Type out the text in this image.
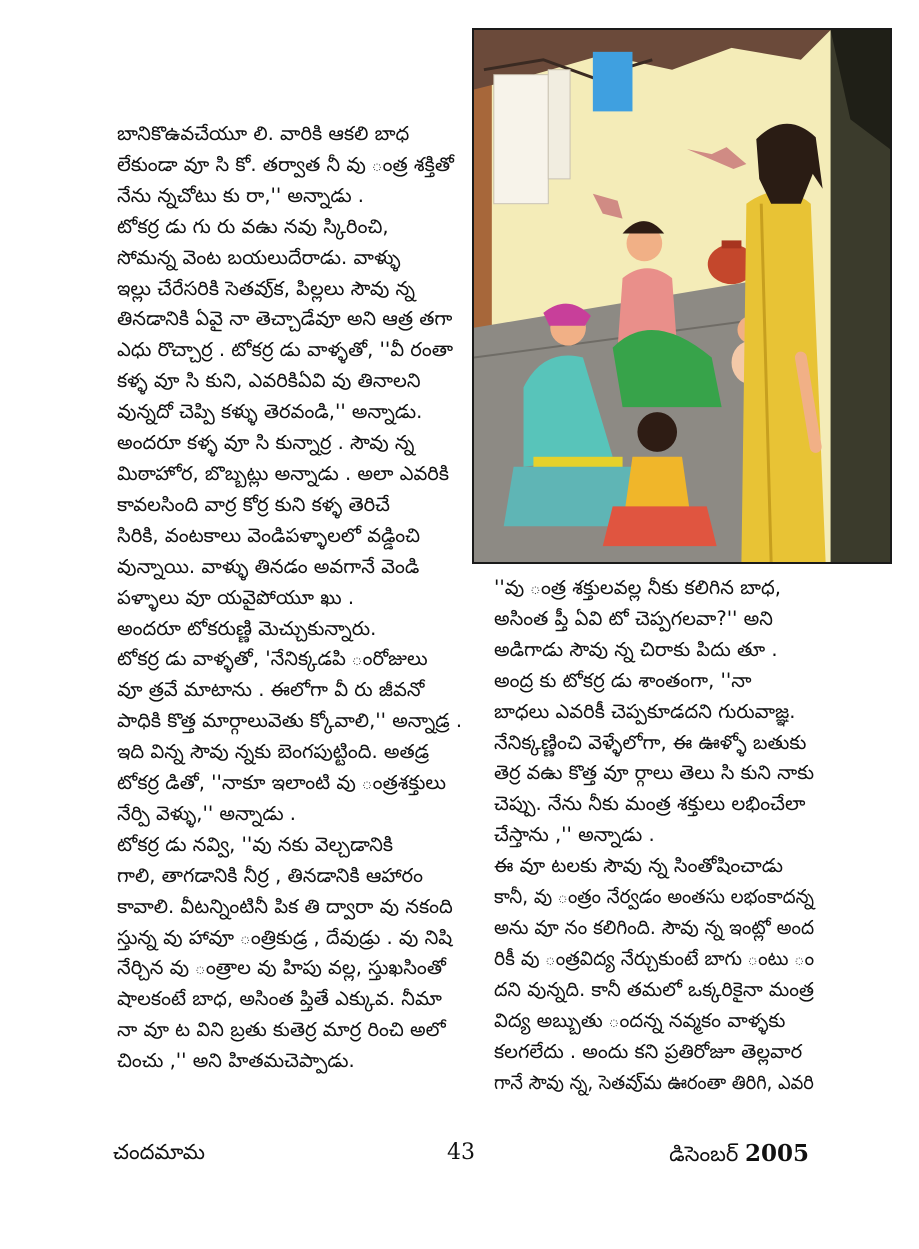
బానికొఉవచేయూ లి. వారికి ఆకలి బాధ

లేకుండా వూ సి కో. తర్వాత నీ వు ంత్ర శక్తితో

నేను న్నచోటు కు రా,'' అన్నాడు .

టోకర్ర డు గు రు వఉు నవు స్కిరించి,

సోమన్న వెంట బయలుదేరాడు. వాళ్ళు

ఇల్లు చేరేసరికి సెతవు్క, పిల్లలు సౌవు న్న

తినడానికి ఏవై నా తెచ్చాడేవూ అని ఆత్ర తగా

ఎధు రొచ్చార్ర . టోకర్ర డు వాళ్ళతో, ''వీ రంతా

కళ్ళ వూ సి కుని, ఎవరికిఏవి వు తినాలని

వున్నదో చెప్పి కళ్ళు తెరవండి,'' అన్నాడు.

అందరూ కళ్ళ వూ సి కున్నార్ర . సౌవు న్న

మిఠాహోర, బొబ్బట్లు అన్నాడు . అలా ఎవరికి

కావలసింది వార్ర కోర్ర కుని కళ్ళ తెరిచే

సిరికి, వంటకాలు వెండిపళ్ళాలలో వడ్డించి

వున్నాయి. వాళ్ళు తినడం అవగానే వెండి

పళ్ళాలు వూ యవైపోయూ ఖు .

అందరూ టోకరుణ్ణి మెచ్చుకున్నారు.

టోకర్ర డు వాళ్ళతో, 'నేనిక్కడపి ంరోజులు

వూ త్రవే మాటాను . ఈలోగా వీ రు జీవనో

పాధికి కొత్త మార్గాలువెతు క్కోవాలి,'' అన్నాడ్ర .

ఇది విన్న సౌవు న్నకు బెంగపుట్టింది. అతడ్ర

టోకర్ర డితో, ''నాకూ ఇలాంటి వు ంత్రశక్తులు

నేర్పి వెళ్ళు,'' అన్నాడు .

టోకర్ర డు నవ్వి, ''వు నకు వెల్చడానికి

గాలి, తాగడానికి నీర్ర , తినడానికి ఆహారం

కావాలి. వీటన్నింటినీ పిక తి ద్వారా వు నకంది

స్తున్న వు హావూ ంత్రికుడ్ర , దేవుడ్రు . వు నిషి

నేర్చిన వు ంత్రాల వు హిపు వల్ల, స్తుఖసింతో

షాలకంటే బాధ, అసింత ప్తితే ఎక్కువ. నీమా

నా వూ ట విని బ్రతు కుతెర్ర మార్ర రించి అలో

చించు ,'' అని హితమచెప్పాడు.

''వు ంత్ర శక్తులవల్ల నీకు కలిగిన బాధ,

అసింత ప్తీ ఏవి టో చెప్పగలవా?'' అని

అడిగాడు సౌవు న్న చిరాకు పిదు తూ .

అంద్ర కు టోకర్ర డు శాంతంగా, ''నా

బాధలు ఎవరికీ చెప్పకూడదని గురువాజ్ఞ.

నేనిక్కణ్ణించి వెళ్ళేలోగా, ఈ ఊళ్ళో బతుకు

తెర్ర వఉు కొత్త వూ ర్గాలు తెలు సి కుని నాకు

చెప్పు. నేను నీకు మంత్ర శక్తులు లభించేలా

చేస్తాను ,'' అన్నాడు .

ఈ వూ టలకు సౌవు న్న సింతోషించాడు

కానీ, వు ంత్రం నేర్వడం అంతసు లభంకాదన్న

అను వూ నం కలిగింది. సౌవు న్న ఇంట్లో అంద

రికీ వు ంత్రవిద్య నేర్చుకుంటే బాగు ంటు ం

దని వున్నది. కానీ తమలో ఒక్కరికైనా మంత్ర

విద్య అబ్బుతు ందన్న నవ్మకం వాళ్ళకు

కలగలేదు . అందు కని ప్రతిరోజూ తెల్లవార

గానే సౌవు న్న, సెతవు్మ ఊరంతా తిరిగి, ఎవరి

చందమామ	43	డిసెంబర్ 2005
